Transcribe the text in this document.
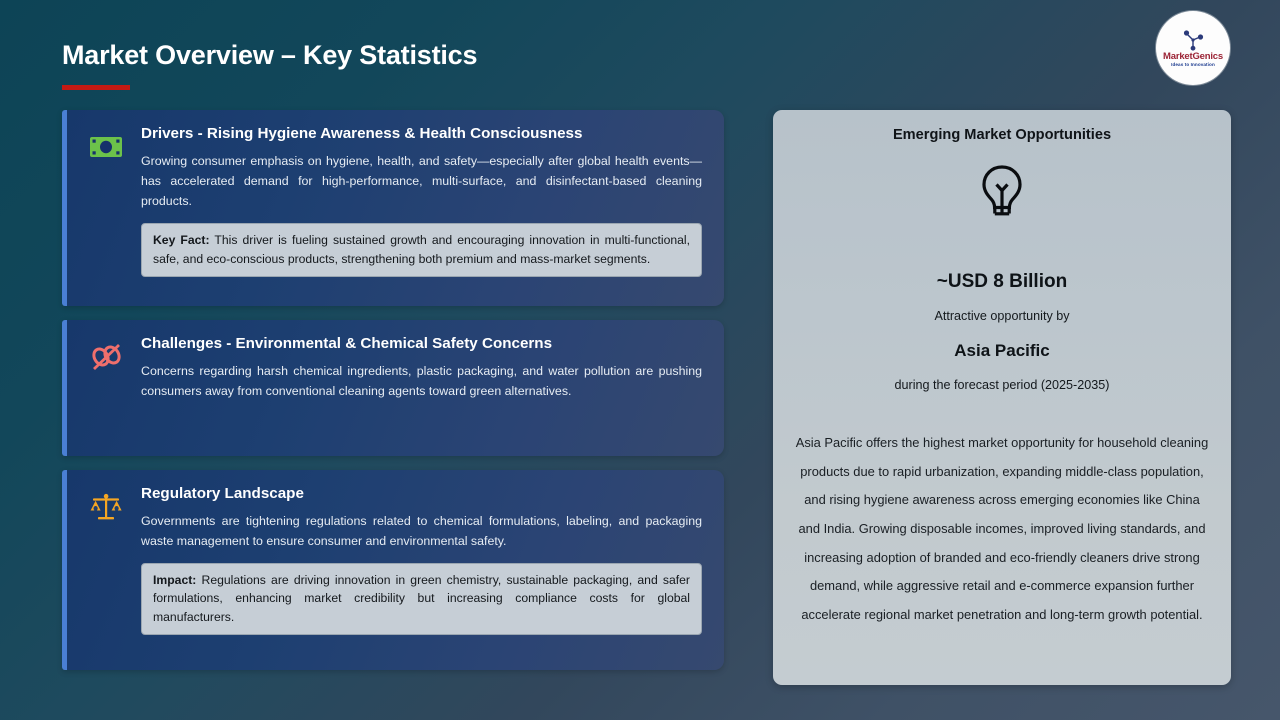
Market Overview – Key Statistics	MarketGenics
Ideas to Innovation
Drivers - Rising Hygiene Awareness & Health Consciousness
Growing consumer emphasis on hygiene, health, and safety—especially after global health events—has accelerated demand for high-performance, multi-surface, and disinfectant-based cleaning products.
Key Fact: This driver is fueling sustained growth and encouraging innovation in multi-functional, safe, and eco-conscious products, strengthening both premium and mass-market segments.
Challenges - Environmental & Chemical Safety Concerns
Concerns regarding harsh chemical ingredients, plastic packaging, and water pollution are pushing consumers away from conventional cleaning agents toward green alternatives.
Regulatory Landscape
Governments are tightening regulations related to chemical formulations, labeling, and packaging waste management to ensure consumer and environmental safety.
Impact: Regulations are driving innovation in green chemistry, sustainable packaging, and safer formulations, enhancing market credibility but increasing compliance costs for global manufacturers.
Emerging Market Opportunities
~USD 8 Billion
Attractive opportunity by
Asia Pacific
during the forecast period (2025-2035)
Asia Pacific offers the highest market opportunity for household cleaning products due to rapid urbanization, expanding middle-class population, and rising hygiene awareness across emerging economies like China and India. Growing disposable incomes, improved living standards, and increasing adoption of branded and eco-friendly cleaners drive strong demand, while aggressive retail and e-commerce expansion further accelerate regional market penetration and long-term growth potential.
